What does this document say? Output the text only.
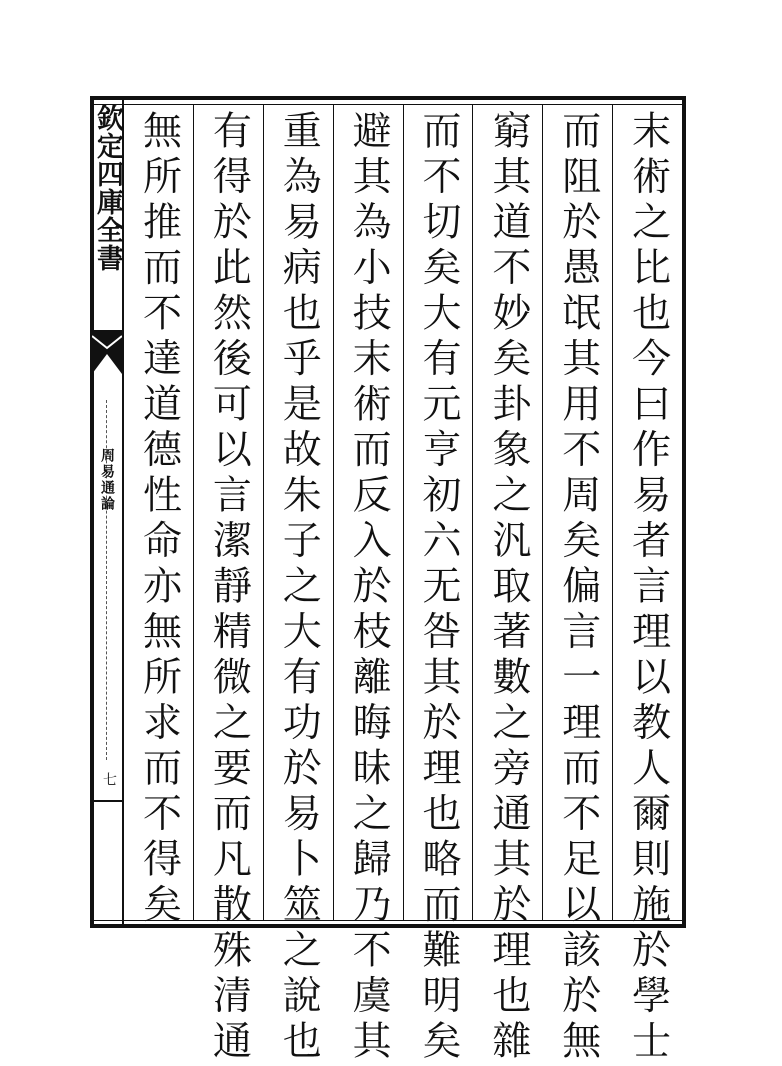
欽定四庫全書
周易通論
七	末術之比也今曰作易者言理以教人爾則施於學士
而阻於愚氓其用不周矣偏言一理而不足以該於無
窮其道不妙矣卦象之汎取著數之旁通其於理也雜
而不切矣大有元亨初六无咎其於理也略而難明矣
避其為小技末術而反入於枝離晦昧之歸乃不虞其
重為易病也乎是故朱子之大有功於易卜筮之說也
有得於此然後可以言潔靜精微之要而凡散殊清通
無所推而不達道德性命亦無所求而不得矣
